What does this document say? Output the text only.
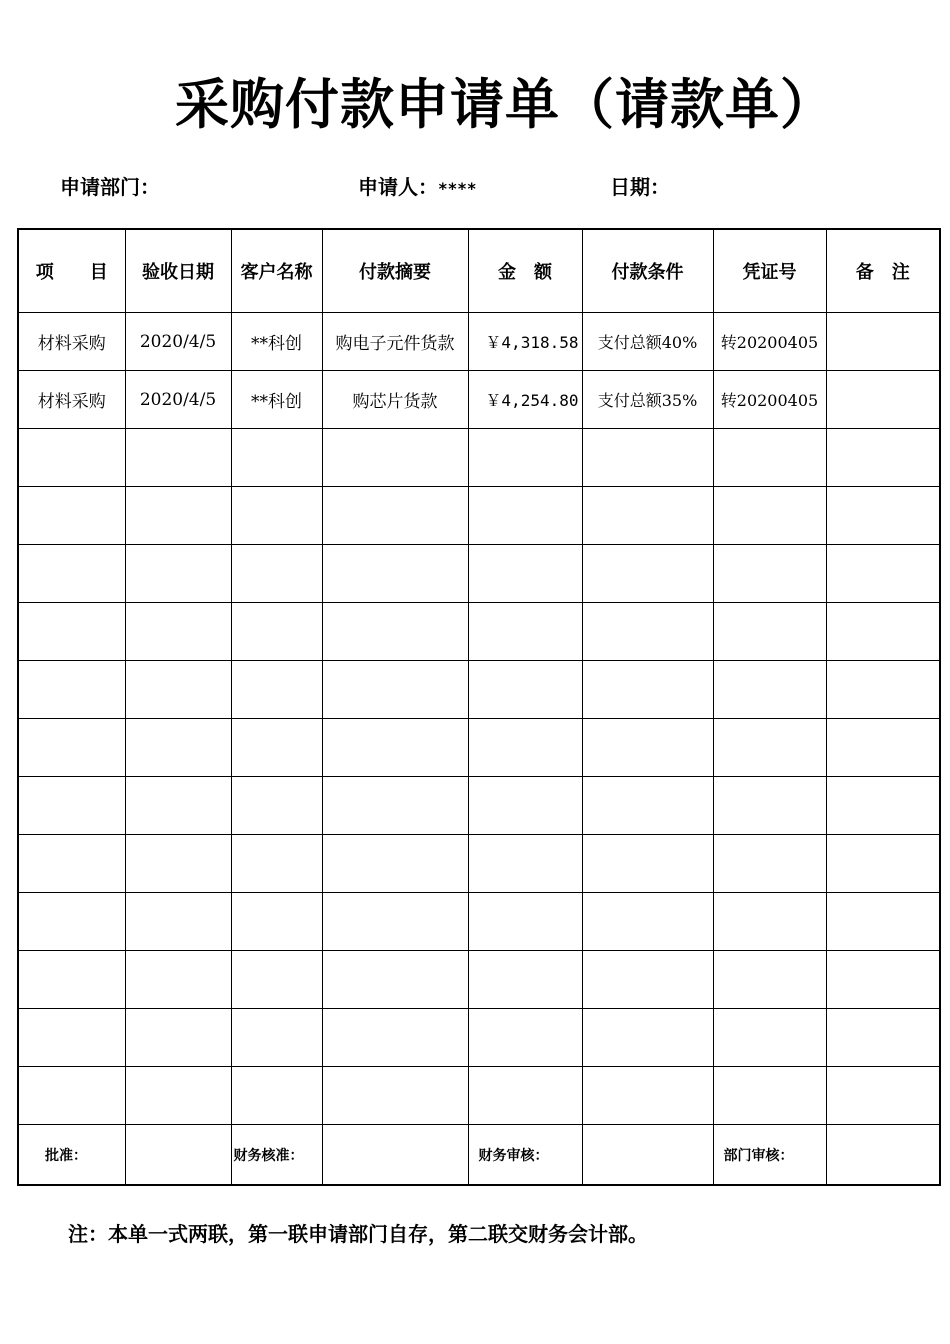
采购付款申请单（请款单）
申请部门：	申请人：****	日期：
项　　目	验收日期	客户名称	付款摘要	金　额	付款条件	凭证号	备　注
材料采购	2020/4/5	**科创	购电子元件货款	￥4,318.58	支付总额40%	转20200405	
材料采购	2020/4/5	**科创	购芯片货款	￥4,254.80	支付总额35%	转20200405	

批准：		财务核准：		财务审核：		部门审核：	
注：本单一式两联，第一联申请部门自存，第二联交财务会计部。
